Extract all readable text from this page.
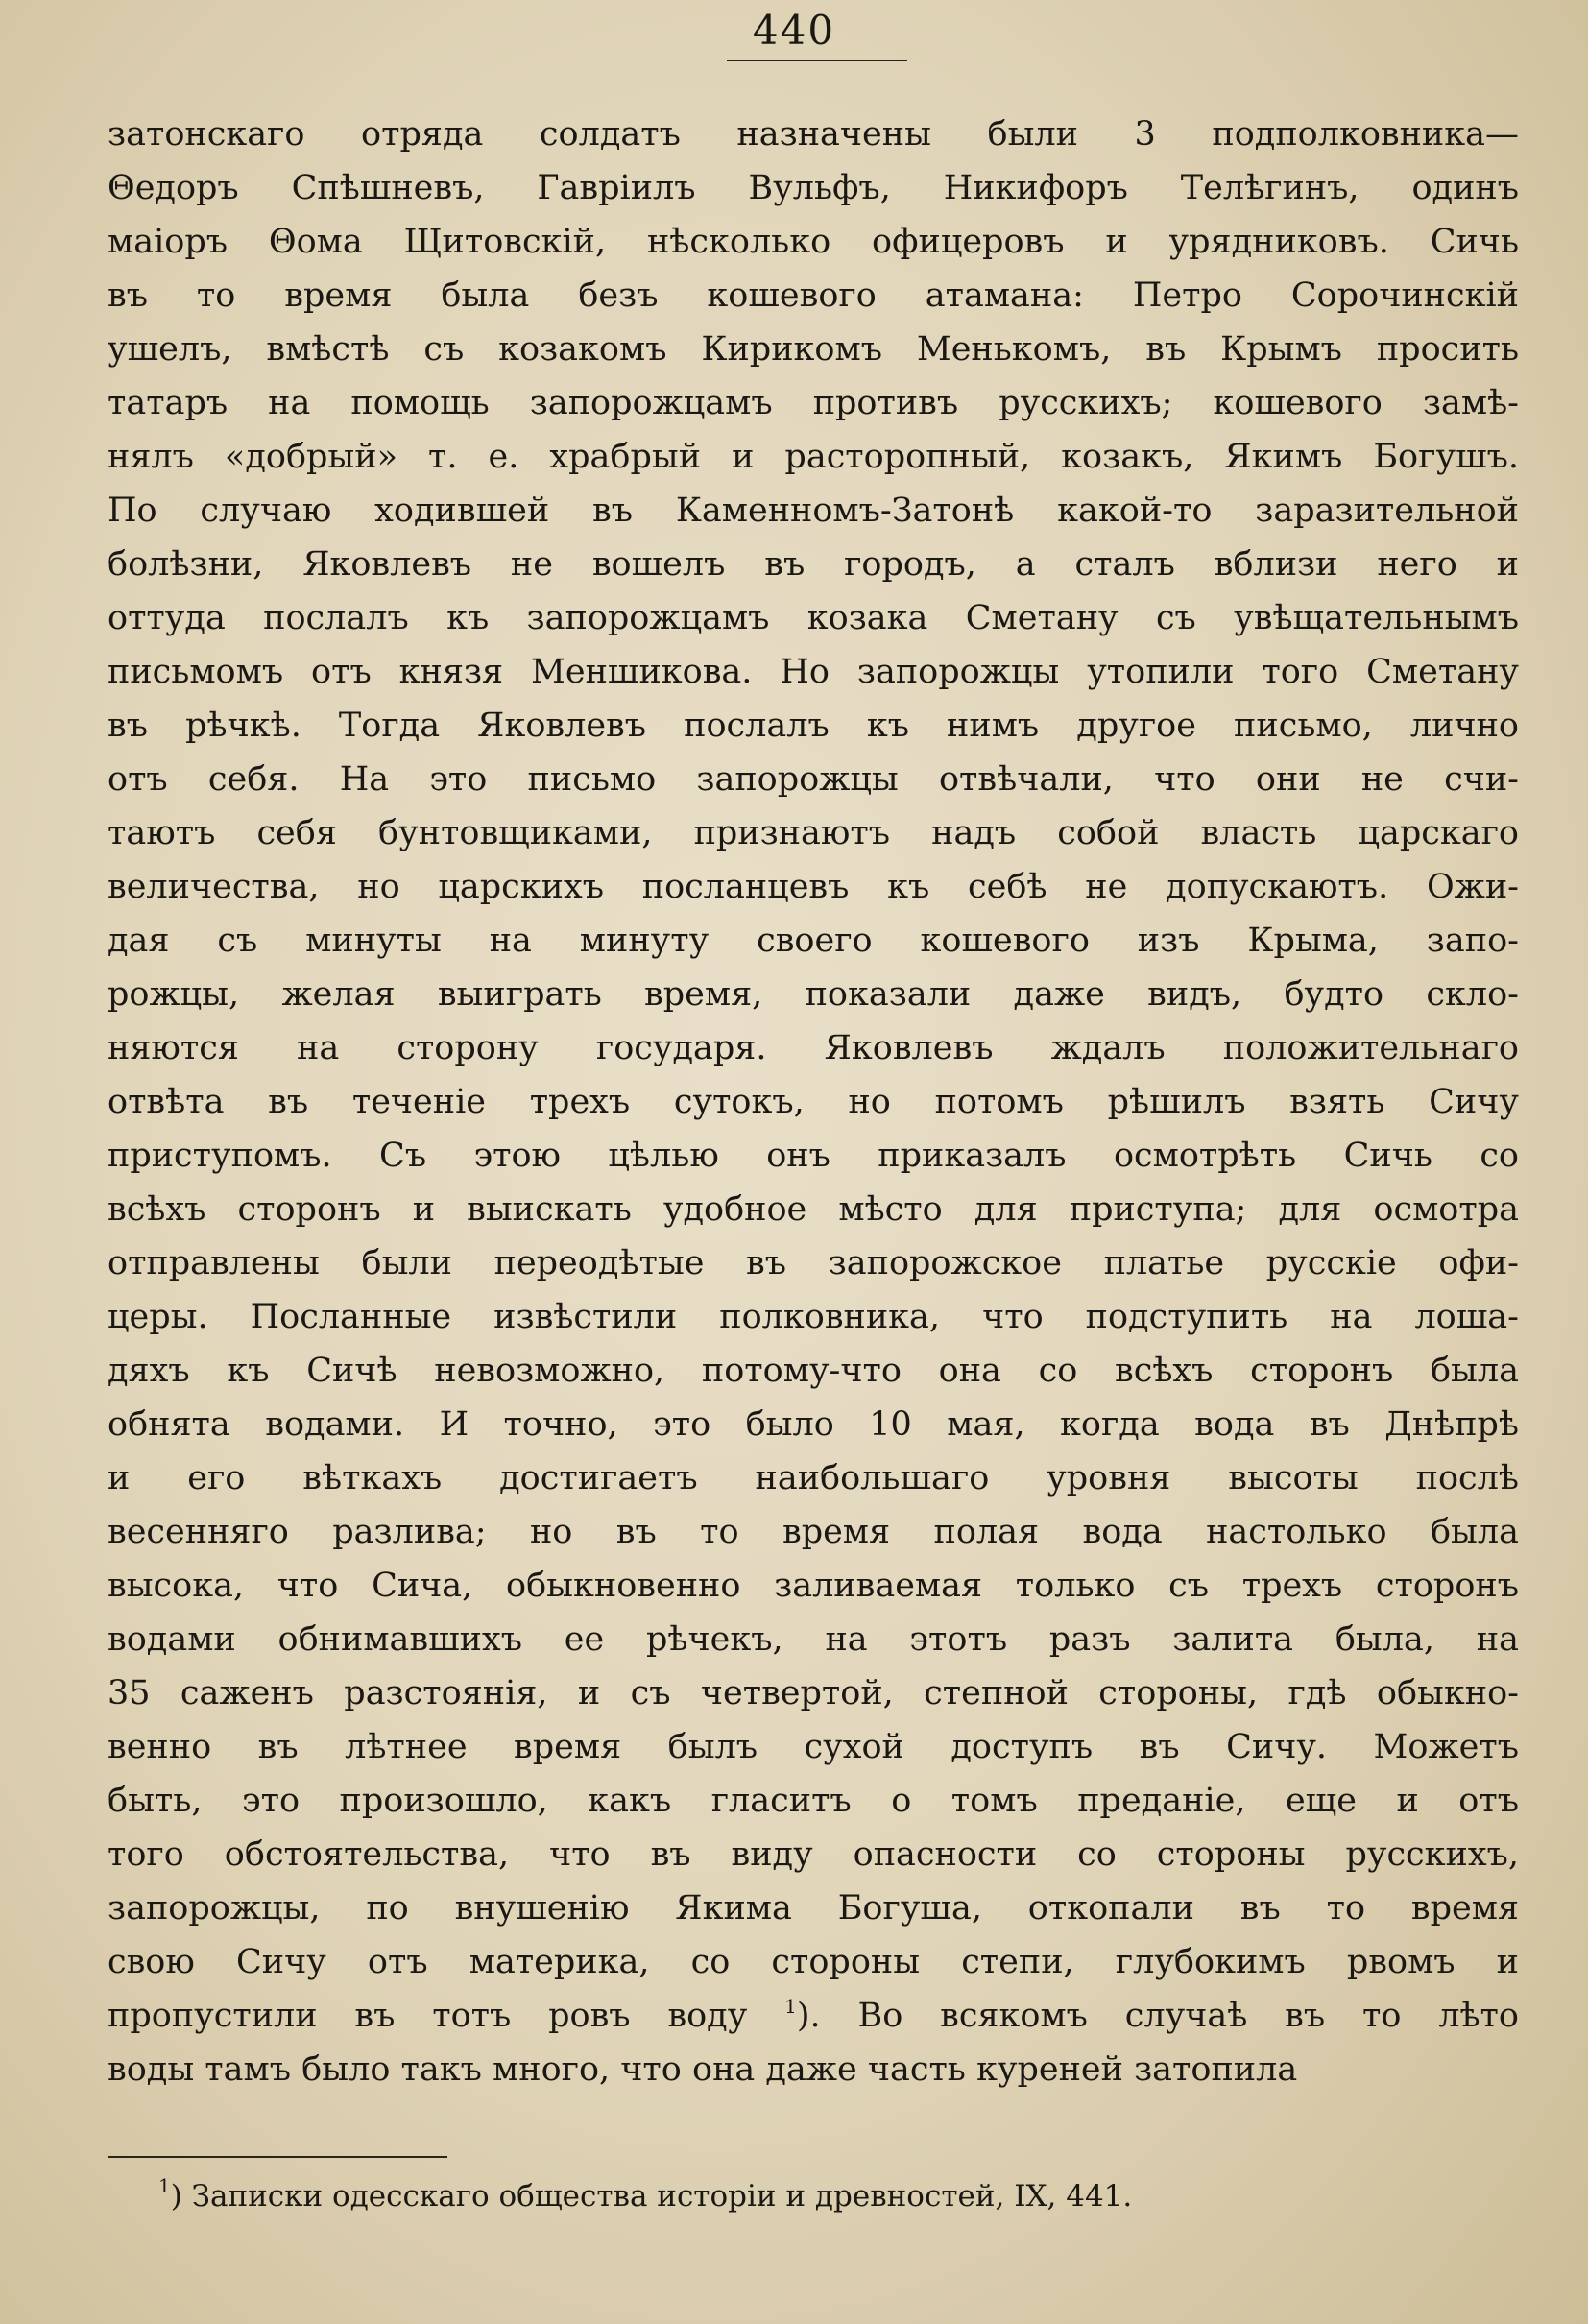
440
затонскаго отряда солдатъ назначены были 3 подполковника—
Θедоръ Спѣшневъ, Гавріилъ Вульфъ, Никифоръ Телѣгинъ, одинъ
маіоръ Θома Щитовскій, нѣсколько офицеровъ и урядниковъ. Сичь
въ то время была безъ кошевого атамана: Петро Сорочинскій
ушелъ, вмѣстѣ съ козакомъ Кирикомъ Менькомъ, въ Крымъ просить
татаръ на помощь запорожцамъ противъ русскихъ; кошевого замѣ-
нялъ «добрый» т. е. храбрый и расторопный, козакъ, Якимъ Богушъ.
По случаю ходившей въ Каменномъ-Затонѣ какой-то заразительной
болѣзни, Яковлевъ не вошелъ въ городъ, а сталъ вблизи него и
оттуда послалъ къ запорожцамъ козака Сметану съ увѣщательнымъ
письмомъ отъ князя Меншикова. Но запорожцы утопили того Сметану
въ рѣчкѣ. Тогда Яковлевъ послалъ къ нимъ другое письмо, лично
отъ себя. На это письмо запорожцы отвѣчали, что они не счи-
таютъ себя бунтовщиками, признаютъ надъ собой власть царскаго
величества, но царскихъ посланцевъ къ себѣ не допускаютъ. Ожи-
дая съ минуты на минуту своего кошевого изъ Крыма, запо-
рожцы, желая выиграть время, показали даже видъ, будто скло-
няются на сторону государя. Яковлевъ ждалъ положительнаго
отвѣта въ теченіе трехъ сутокъ, но потомъ рѣшилъ взять Сичу
приступомъ. Съ этою цѣлью онъ приказалъ осмотрѣть Сичь со
всѣхъ сторонъ и выискать удобное мѣсто для приступа; для осмотра
отправлены были переодѣтые въ запорожское платье русскіе офи-
церы. Посланные извѣстили полковника, что подступить на лоша-
дяхъ къ Сичѣ невозможно, потому-что она со всѣхъ сторонъ была
обнята водами. И точно, это было 10 мая, когда вода въ Днѣпрѣ
и его вѣткахъ достигаетъ наибольшаго уровня высоты послѣ
весенняго разлива; но въ то время полая вода настолько была
высока, что Сича, обыкновенно заливаемая только съ трехъ сторонъ
водами обнимавшихъ ее рѣчекъ, на этотъ разъ залита была, на
35 саженъ разстоянія, и съ четвертой, степной стороны, гдѣ обыкно-
венно въ лѣтнее время былъ сухой доступъ въ Сичу. Можетъ
быть, это произошло, какъ гласитъ о томъ преданіе, еще и отъ
того обстоятельства, что въ виду опасности со стороны русскихъ,
запорожцы, по внушенію Якима Богуша, откопали въ то время
свою Сичу отъ материка, со стороны степи, глубокимъ рвомъ и
пропустили въ тотъ ровъ воду $^1$). Во всякомъ случаѣ въ то лѣто
воды тамъ было такъ много, что она даже часть куреней затопила
$^1$) Записки одесскаго общества исторіи и древностей, IX, 441.
